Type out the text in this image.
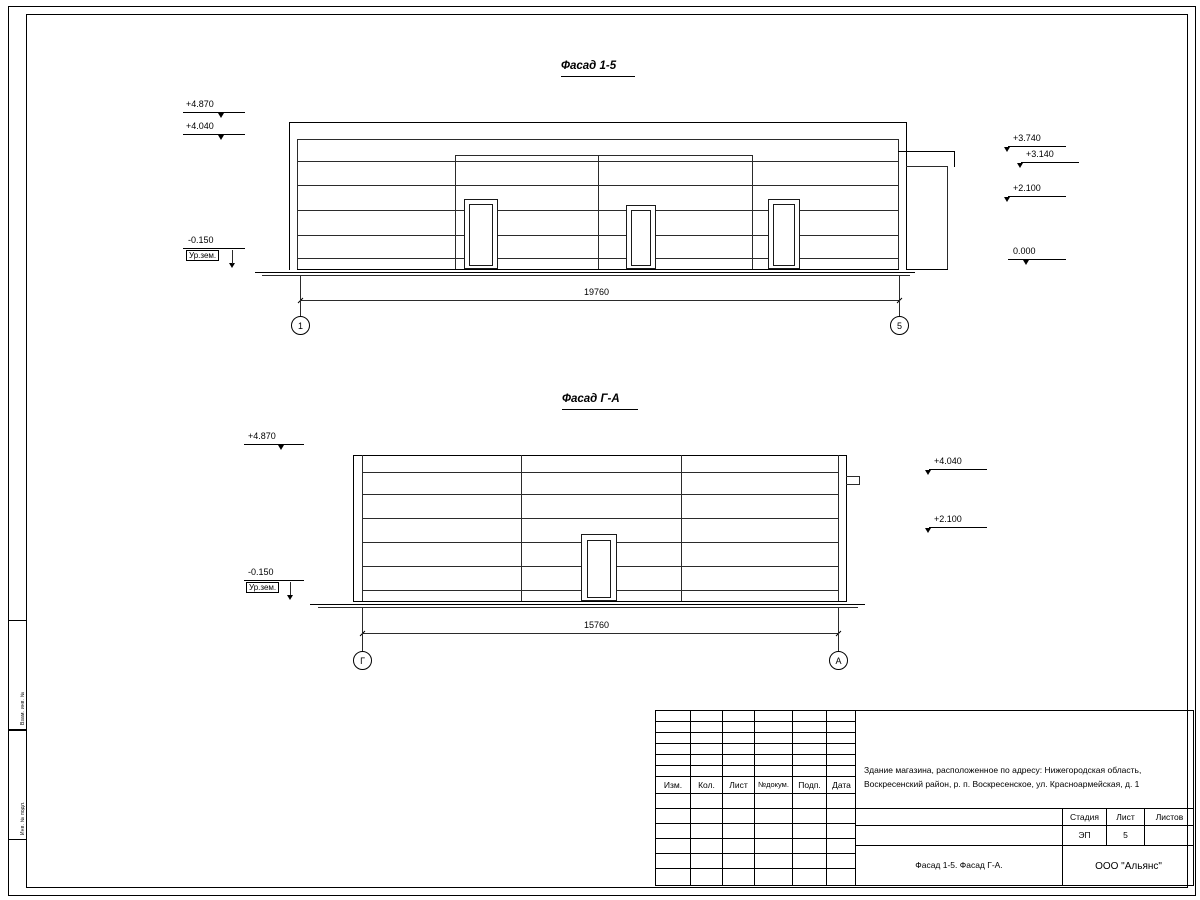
Взам. инв. №
Инв. № подл.
Фасад 1-5
+4.870
+4.040
-0.150
Ур.зем.
+3.740
+3.140
+2.100
0.000
19760
1	5
Фасад Г-А
+4.870
-0.150
Ур.зем.
+4.040
+2.100
15760
Г	A
Изм.	Кол.	Лист	№докум.	Подп.	Дата
Здание магазина, расположенное по адресу: Нижегородская область,
Воскресенский район, р. п. Воскресенское, ул. Красноармейская, д. 1
Стадия	Лист	Листов
ЭП	5
Фасад 1-5. Фасад Г-А.	ООО "Альянс"
